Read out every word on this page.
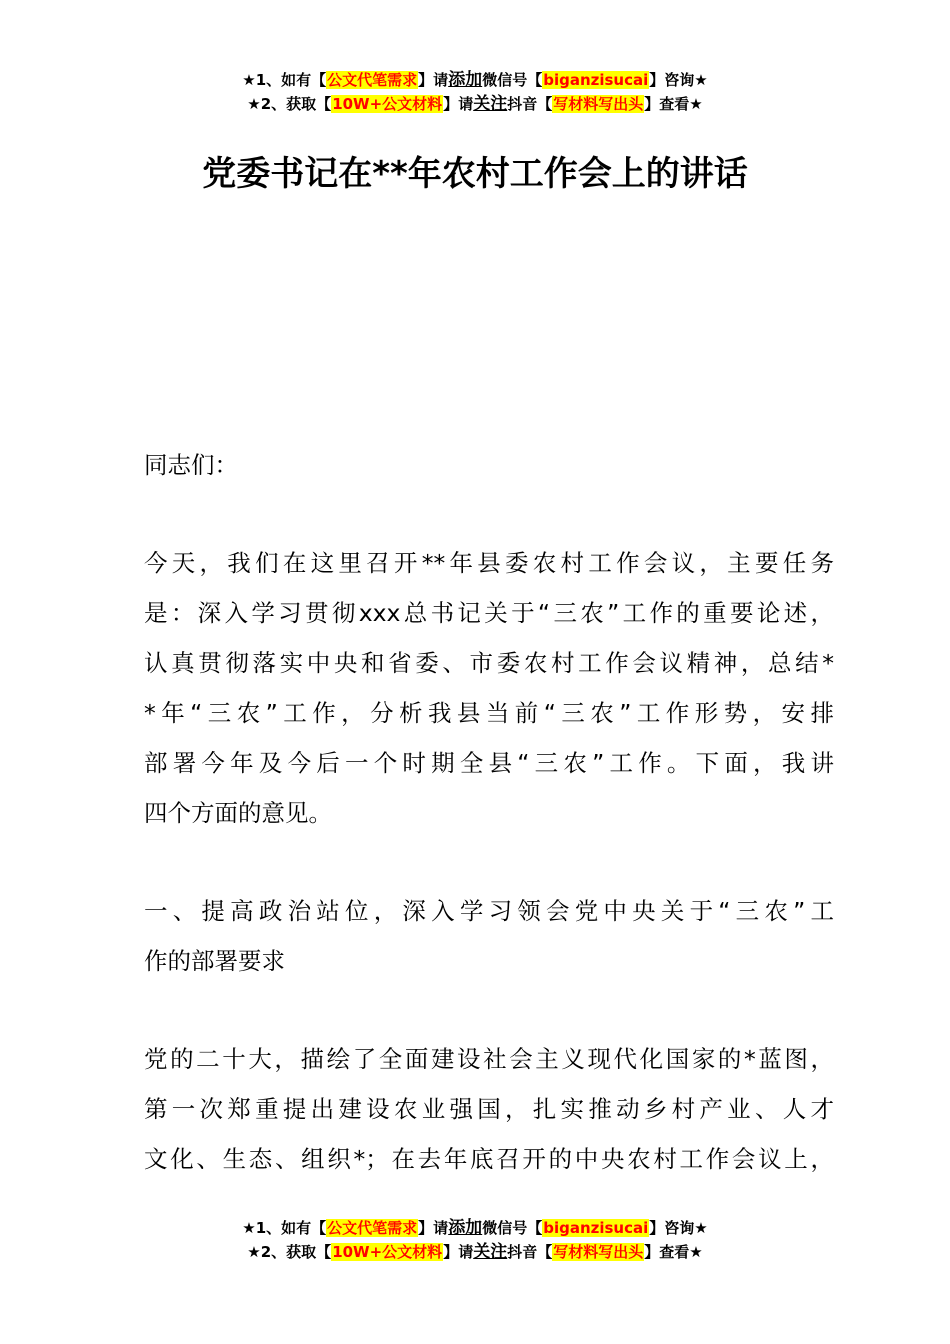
★1、如有【公文代笔需求】请添加微信号【biganzisucai】咨询★
★2、获取【10W+公文材料】请关注抖音【写材料写出头】查看★
党委书记在**年农村工作会上的讲话
同志们：
今天，我们在这里召开**年县委农村工作会议，主要任务
是：深入学习贯彻xxx总书记关于“三农”工作的重要论述，
认真贯彻落实中央和省委、市委农村工作会议精神，总结*
*年“三农”工作，分析我县当前“三农”工作形势，安排
部署今年及今后一个时期全县“三农”工作。下面，我讲
四个方面的意见。
一、提高政治站位，深入学习领会党中央关于“三农”工
作的部署要求
党的二十大，描绘了全面建设社会主义现代化国家的*蓝图，
第一次郑重提出建设农业强国，扎实推动乡村产业、人才
文化、生态、组织*；在去年底召开的中央农村工作会议上，
★1、如有【公文代笔需求】请添加微信号【biganzisucai】咨询★
★2、获取【10W+公文材料】请关注抖音【写材料写出头】查看★
